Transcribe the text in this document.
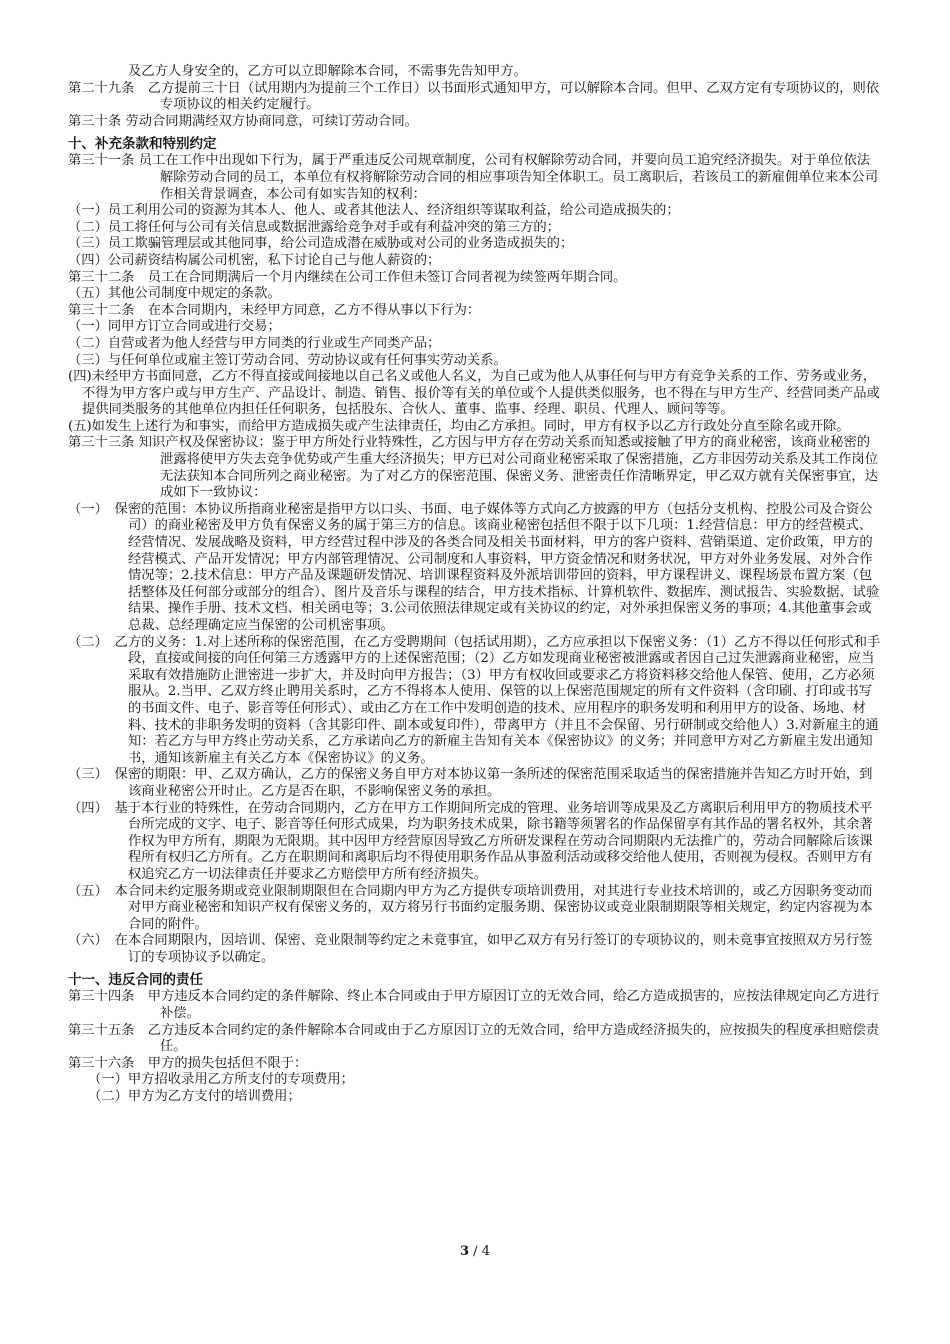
及乙方人身安全的，乙方可以立即解除本合同，不需事先告知甲方。

第二十九条　乙方提前三十日（试用期内为提前三个工作日）以书面形式通知甲方，可以解除本合同。但甲、乙双方定有专项协议的，则依专项协议的相关约定履行。

第三十条 劳动合同期满经双方协商同意，可续订劳动合同。

十、补充条款和特别约定

第三十一条 员工在工作中出现如下行为，属于严重违反公司规章制度，公司有权解除劳动合同，并要向员工追究经济损失。对于单位依法解除劳动合同的员工，本单位有权将解除劳动合同的相应事项告知全体职工。员工离职后，若该员工的新雇佣单位来本公司作相关背景调查，本公司有如实告知的权利：

（一）员工利用公司的资源为其本人、他人、或者其他法人、经济组织等谋取利益，给公司造成损失的；

（二）员工将任何与公司有关信息或数据泄露给竞争对手或有利益冲突的第三方的；

（三）员工欺骗管理层或其他同事，给公司造成潜在威胁或对公司的业务造成损失的；

（四）公司薪资结构属公司机密，私下讨论自己与他人薪资的；

第三十二条　员工在合同期满后一个月内继续在公司工作但未签订合同者视为续签两年期合同。

（五）其他公司制度中规定的条款。

第三十二条　在本合同期内，未经甲方同意，乙方不得从事以下行为：

（一）同甲方订立合同或进行交易；

（二）自营或者为他人经营与甲方同类的行业或生产同类产品；

（三）与任何单位或雇主签订劳动合同、劳动协议或有任何事实劳动关系。

(四)未经甲方书面同意，乙方不得直接或间接地以自己名义或他人名义，为自己或为他人从事任何与甲方有竞争关系的工作、劳务或业务，不得为甲方客户或与甲方生产、产品设计、制造、销售、报价等有关的单位或个人提供类似服务，也不得在与甲方生产、经营同类产品或提供同类服务的其他单位内担任任何职务，包括股东、合伙人、董事、监事、经理、职员、代理人、顾问等等。

(五)如发生上述行为和事实，而给甲方造成损失或产生法律责任，均由乙方承担。同时，甲方有权予以乙方行政处分直至除名或开除。

第三十三条 知识产权及保密协议：鉴于甲方所处行业特殊性，乙方因与甲方存在劳动关系而知悉或接触了甲方的商业秘密，该商业秘密的泄露将使甲方失去竞争优势或产生重大经济损失；甲方已对公司商业秘密采取了保密措施，乙方非因劳动关系及其工作岗位无法获知本合同所列之商业秘密。为了对乙方的保密范围、保密义务、泄密责任作清晰界定，甲乙双方就有关保密事宜，达成如下一致协议：

（一）　保密的范围：本协议所指商业秘密是指甲方以口头、书面、电子媒体等方式向乙方披露的甲方（包括分支机构、控股公司及合资公司）的商业秘密及甲方负有保密义务的属于第三方的信息。该商业秘密包括但不限于以下几项：1.经营信息：甲方的经营模式、经营情况、发展战略及资料，甲方经营过程中涉及的各类合同及相关书面材料，甲方的客户资料、营销渠道、定价政策，甲方的经营模式、产品开发情况；甲方内部管理情况、公司制度和人事资料，甲方资金情况和财务状况，甲方对外业务发展、对外合作情况等；2.技术信息：甲方产品及课题研发情况、培训课程资料及外派培训带回的资料，甲方课程讲义、课程场景布置方案（包括整体及任何部分或部分的组合）、图片及音乐与课程的结合，甲方技术指标、计算机软件、数据库、测试报告、实验数据、试验结果、操作手册、技术文档、相关函电等；3.公司依照法律规定或有关协议的约定，对外承担保密义务的事项；4.其他董事会或总裁、总经理确定应当保密的公司机密事项。

（二）　乙方的义务：1.对上述所称的保密范围，在乙方受聘期间（包括试用期），乙方应承担以下保密义务：（1）乙方不得以任何形式和手段，直接或间接的向任何第三方透露甲方的上述保密范围；（2）乙方如发现商业秘密被泄露或者因自己过失泄露商业秘密，应当采取有效措施防止泄密进一步扩大，并及时向甲方报告；（3）甲方有权收回或要求乙方将资料移交给他人保管、使用，乙方必须服从。2.当甲、乙双方终止聘用关系时，乙方不得将本人使用、保管的以上保密范围规定的所有文件资料（含印刷、打印或书写的书面文件、电子、影音等任何形式）、或由乙方在工作中发明创造的技术、应用程序的职务发明和利用甲方的设备、场地、材料、技术的非职务发明的资料（含其影印件、副本或复印件），带离甲方（并且不会保留、另行研制或交给他人）3.对新雇主的通知：若乙方与甲方终止劳动关系，乙方承诺向乙方的新雇主告知有关本《保密协议》的义务；并同意甲方对乙方新雇主发出通知书，通知该新雇主有关乙方本《保密协议》的义务。

（三）　保密的期限：甲、乙双方确认，乙方的保密义务自甲方对本协议第一条所述的保密范围采取适当的保密措施并告知乙方时开始，到该商业秘密公开时止。乙方是否在职，不影响保密义务的承担。

（四）　基于本行业的特殊性，在劳动合同期内，乙方在甲方工作期间所完成的管理、业务培训等成果及乙方离职后利用甲方的物质技术平台所完成的文字、电子、影音等任何形式成果，均为职务技术成果，除书籍等须署名的作品保留享有其作品的署名权外，其余著作权为甲方所有，期限为无限期。其中因甲方经营原因导致乙方所研发课程在劳动合同期限内无法推广的，劳动合同解除后该课程所有权归乙方所有。乙方在职期间和离职后均不得使用职务作品从事盈利活动或移交给他人使用，否则视为侵权。否则甲方有权追究乙方一切法律责任并要求乙方赔偿甲方所有经济损失。

（五）　本合同未约定服务期或竞业限制期限但在合同期内甲方为乙方提供专项培训费用，对其进行专业技术培训的，或乙方因职务变动而对甲方商业秘密和知识产权有保密义务的，双方将另行书面约定服务期、保密协议或竞业限制期限等相关规定，约定内容视为本合同的附件。

（六）　在本合同期限内，因培训、保密、竞业限制等约定之未竟事宜，如甲乙双方有另行签订的专项协议的，则未竟事宜按照双方另行签订的专项协议予以确定。

十一、违反合同的责任

第三十四条　甲方违反本合同约定的条件解除、终止本合同或由于甲方原因订立的无效合同，给乙方造成损害的，应按法律规定向乙方进行补偿。

第三十五条　乙方违反本合同约定的条件解除本合同或由于乙方原因订立的无效合同，给甲方造成经济损失的，应按损失的程度承担赔偿责任。

第三十六条　甲方的损失包括但不限于：

（一）甲方招收录用乙方所支付的专项费用；

（二）甲方为乙方支付的培训费用；

3 / 4
